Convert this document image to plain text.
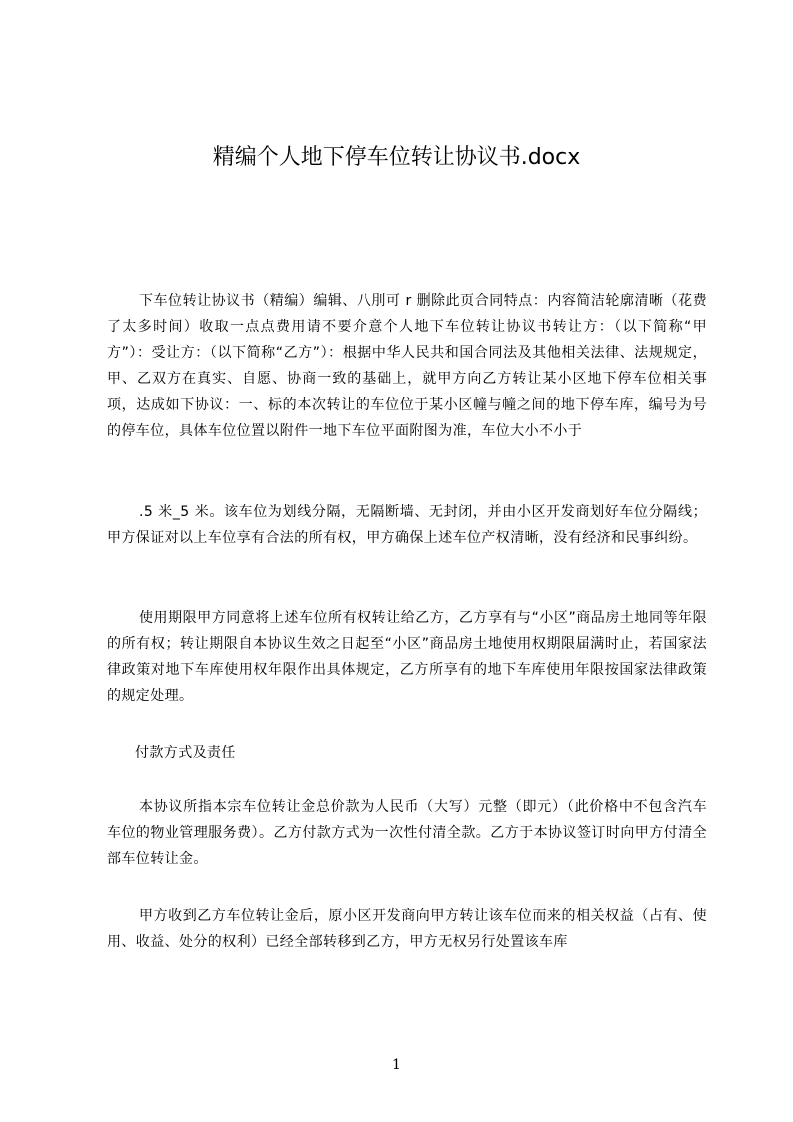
精编个人地下停车位转让协议书.docx
下车位转让协议书（精编）编辑、八刖可 r 删除此页合同特点：内容简洁轮廓清晰（花费了太多时间）收取一点点费用请不要介意个人地下车位转让协议书转让方：（以下简称“甲方”）：受让方：（以下简称“乙方”）：根据中华人民共和国合同法及其他相关法律、法规规定，甲、乙双方在真实、自愿、协商一致的基础上，就甲方向乙方转让某小区地下停车位相关事项，达成如下协议：一、标的本次转让的车位位于某小区幢与幢之间的地下停车库，编号为号的停车位，具体车位位置以附件一地下车位平面附图为准，车位大小不小于
.5 米_5 米。该车位为划线分隔，无隔断墙、无封闭，并由小区开发商划好车位分隔线；甲方保证对以上车位享有合法的所有权，甲方确保上述车位产权清晰，没有经济和民事纠纷。
使用期限甲方同意将上述车位所有权转让给乙方，乙方享有与“小区”商品房土地同等年限的所有权；转让期限自本协议生效之日起至“小区”商品房土地使用权期限届满时止，若国家法律政策对地下车库使用权年限作出具体规定，乙方所享有的地下车库使用年限按国家法律政策的规定处理。
付款方式及责任
本协议所指本宗车位转让金总价款为人民币（大写）元整（即元）（此价格中不包含汽车车位的物业管理服务费）。乙方付款方式为一次性付清全款。乙方于本协议签订时向甲方付清全部车位转让金。
甲方收到乙方车位转让金后，原小区开发商向甲方转让该车位而来的相关权益（占有、使用、收益、处分的权利）已经全部转移到乙方，甲方无权另行处置该车库
1
